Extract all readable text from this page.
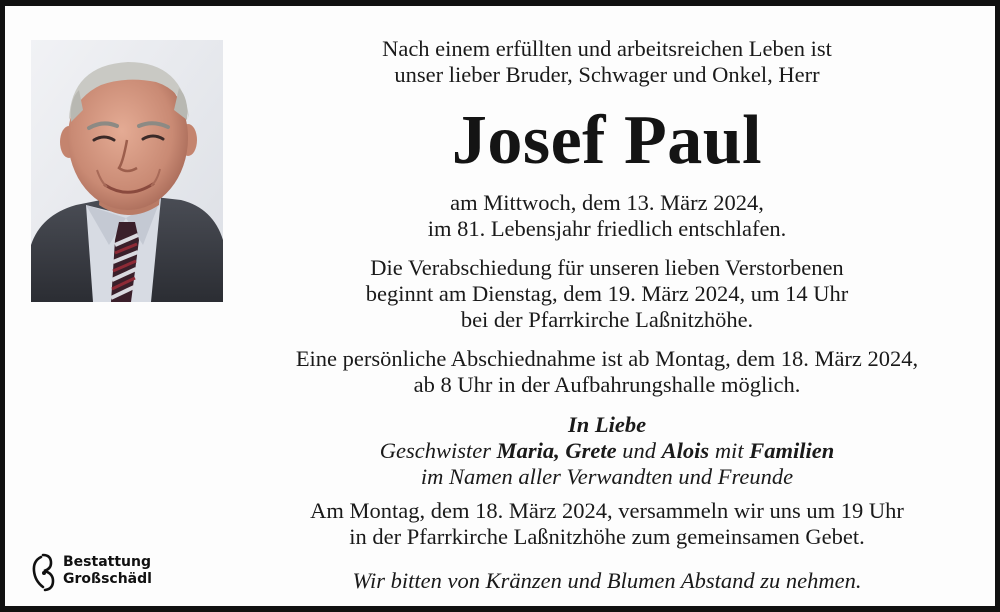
Nach einem erfüllten und arbeitsreichen Leben ist
unser lieber Bruder, Schwager und Onkel, Herr
Josef Paul
am Mittwoch, dem 13. März 2024,
im 81. Lebensjahr friedlich entschlafen.
Die Verabschiedung für unseren lieben Verstorbenen
beginnt am Dienstag, dem 19. März 2024, um 14 Uhr
bei der Pfarrkirche Laßnitzhöhe.
Eine persönliche Abschiednahme ist ab Montag, dem 18. März 2024,
ab 8 Uhr in der Aufbahrungshalle möglich.
In Liebe
Geschwister Maria, Grete und Alois mit Familien
im Namen aller Verwandten und Freunde
Am Montag, dem 18. März 2024, versammeln wir uns um 19 Uhr
in der Pfarrkirche Laßnitzhöhe zum gemeinsamen Gebet.
Wir bitten von Kränzen und Blumen Abstand zu nehmen.
Bestattung
Großschädl
